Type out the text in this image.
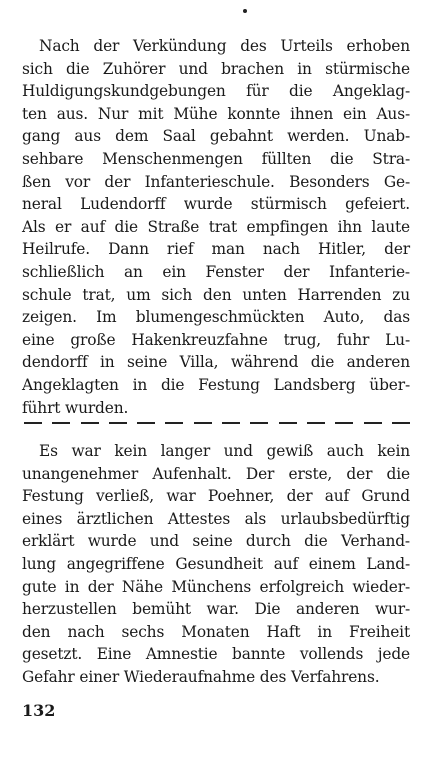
Nach der Verkündung des Urteils erhoben
sich die Zuhörer und brachen in stürmische
Huldigungskundgebungen für die Angeklag-
ten aus. Nur mit Mühe konnte ihnen ein Aus-
gang aus dem Saal gebahnt werden. Unab-
sehbare Menschenmengen füllten die Stra-
ßen vor der Infanterieschule. Besonders Ge-
neral Ludendorff wurde stürmisch gefeiert.
Als er auf die Straße trat empfingen ihn laute
Heilrufe. Dann rief man nach Hitler, der
schließlich an ein Fenster der Infanterie-
schule trat, um sich den unten Harrenden zu
zeigen. Im blumengeschmückten Auto, das
eine große Hakenkreuzfahne trug, fuhr Lu-
dendorff in seine Villa, während die anderen
Angeklagten in die Festung Landsberg über-
führt wurden.

Es war kein langer und gewiß auch kein
unangenehmer Aufenhalt. Der erste, der die
Festung verließ, war Poehner, der auf Grund
eines ärztlichen Attestes als urlaubsbedürftig
erklärt wurde und seine durch die Verhand-
lung angegriffene Gesundheit auf einem Land-
gute in der Nähe Münchens erfolgreich wieder-
herzustellen bemüht war. Die anderen wur-
den nach sechs Monaten Haft in Freiheit
gesetzt. Eine Amnestie bannte vollends jede
Gefahr einer Wiederaufnahme des Verfahrens.

132
